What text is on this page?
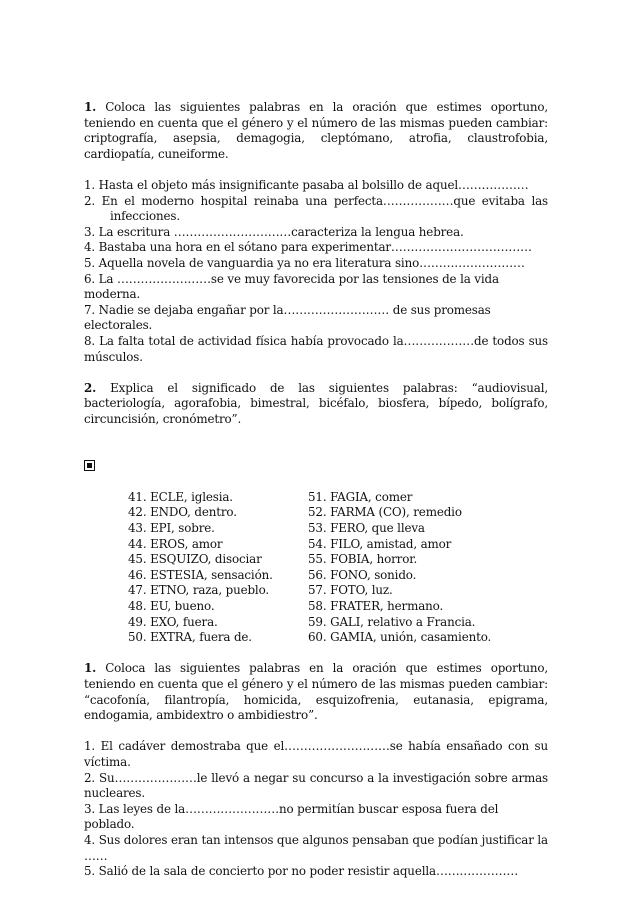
1. Coloca las siguientes palabras en la oración que estimes oportuno, teniendo en cuenta que el género y el número de las mismas pueden cambiar: criptografía, asepsia, demagogia, cleptómano, atrofia, claustrofobia, cardiopatía, cuneiforme.

1. Hasta el objeto más insignificante pasaba al bolsillo de aquel………………

2. En el moderno hospital reinaba una perfecta………………que evitaba las

infecciones.

3. La escritura …………………………caracteriza la lengua hebrea.

4. Bastaba una hora en el sótano para experimentar………………………………

5. Aquella novela de vanguardia ya no era literatura sino………………………

6. La ……………………se ve muy favorecida por las tensiones de la vida moderna.

7. Nadie se dejaba engañar por la……………………… de sus promesas electorales.

8. La falta total de actividad física había provocado la………………de todos sus músculos.

2. Explica el significado de las siguientes palabras: “audiovisual, bacteriología, agorafobia, bimestral, bicéfalo, biosfera, bípedo, bolígrafo, circuncisión, cronómetro”.

41. ECLE, iglesia.
42. ENDO, dentro.
43. EPI, sobre.
44. EROS, amor
45. ESQUIZO, disociar
46. ESTESIA, sensación.
47. ETNO, raza, pueblo.
48. EU, bueno.
49. EXO, fuera.
50. EXTRA, fuera de.
51. FAGIA, comer
52. FARMA (CO), remedio
53. FERO, que lleva
54. FILO, amistad, amor
55. FOBIA, horror.
56. FONO, sonido.
57. FOTO, luz.
58. FRATER, hermano.
59. GALI, relativo a Francia.
60. GAMIA, unión, casamiento.

1. Coloca las siguientes palabras en la oración que estimes oportuno, teniendo en cuenta que el género y el número de las mismas pueden cambiar: “cacofonía, filantropía, homicida, esquizofrenia, eutanasia, epigrama, endogamia, ambidextro o ambidiestro”.

1. El cadáver demostraba que el………………………se había ensañado con su víctima.

2. Su…………………le llevó a negar su concurso a la investigación sobre armas nucleares.

3. Las leyes de la……………………no permitían buscar esposa fuera del poblado.

4. Sus dolores eran tan intensos que algunos pensaban que podían justificar la ……

5. Salió de la sala de concierto por no poder resistir aquella…………………
